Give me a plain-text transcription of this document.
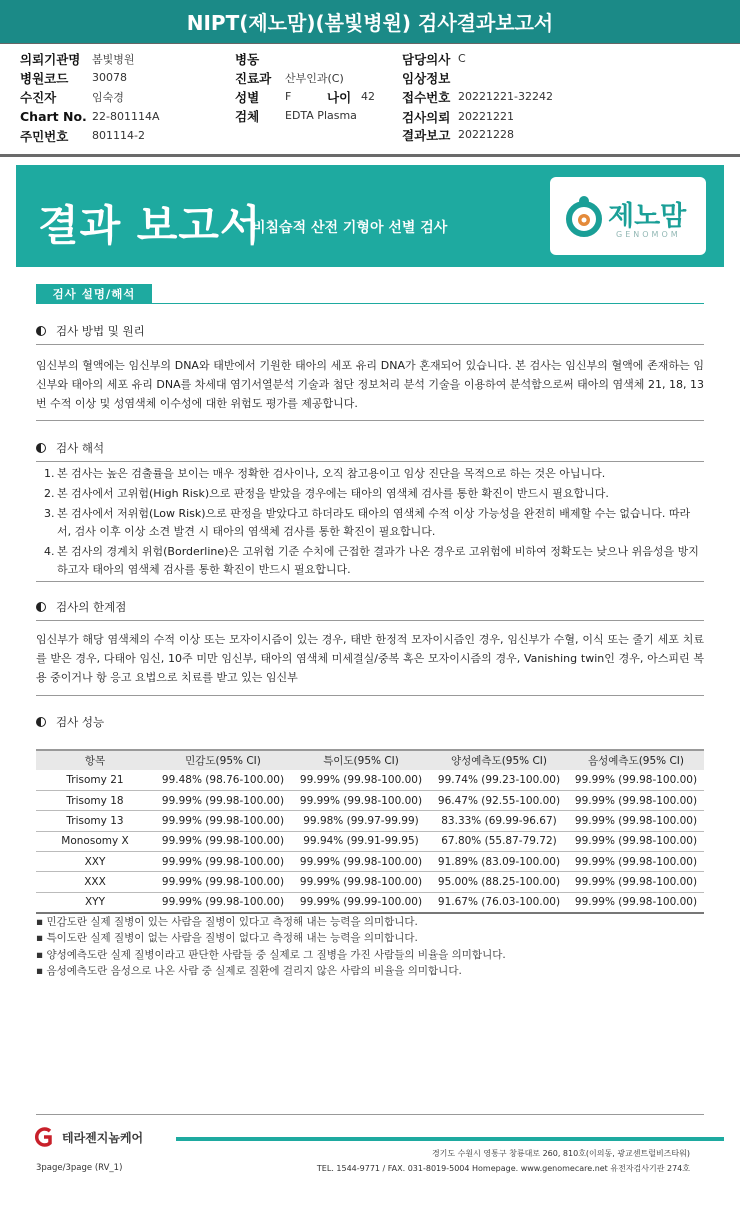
NIPT(제노맘)(봄빛병원) 검사결과보고서
의뢰기관명	봄빛병원
병원코드	30078
수진자	임숙경
Chart No. 22-801114A
주민번호	801114-2
병동
진료과	산부인과(C)
성별	F	나이 42
검체	EDTA Plasma
담당의사 C
임상정보
접수번호 20221221-32242
검사의뢰 20221221
결과보고 20221228
결과 보고서
비침습적 산전 기형아 선별 검사	제노맘
GENOMOM
검사 설명/해석
검사 방법 및 원리
임신부의 혈액에는 임신부의 DNA와 태반에서 기원한 태아의 세포 유리 DNA가 혼재되어 있습니다. 본 검사는 임신부의 혈액에 존재하는 임신부와 태아의 세포 유리 DNA를 차세대 염기서열분석 기술과 첨단 정보처리 분석 기술을 이용하여 분석함으로써 태아의 염색체 21, 18, 13번 수적 이상 및 성염색체 이수성에 대한 위험도 평가를 제공합니다.
검사 해석
1. 본 검사는 높은 검출률을 보이는 매우 정확한 검사이나, 오직 참고용이고 임상 진단을 목적으로 하는 것은 아닙니다.
2. 본 검사에서 고위험(High Risk)으로 판정을 받았을 경우에는 태아의 염색체 검사를 통한 확진이 반드시 필요합니다.
3. 본 검사에서 저위험(Low Risk)으로 판정을 받았다고 하더라도 태아의 염색체 수적 이상 가능성을 완전히 배제할 수는 없습니다. 따라서, 검사 이후 이상 소견 발견 시 태아의 염색체 검사를 통한 확진이 필요합니다.
4. 본 검사의 경계치 위험(Borderline)은 고위험 기준 수치에 근접한 결과가 나온 경우로 고위험에 비하여 정확도는 낮으나 위음성을 방지하고자 태아의 염색체 검사를 통한 확진이 반드시 필요합니다.
검사의 한계점
임신부가 해당 염색체의 수적 이상 또는 모자이시즘이 있는 경우, 태반 한정적 모자이시즘인 경우, 임신부가 수혈, 이식 또는 줄기 세포 치료를 받은 경우, 다태아 임신, 10주 미만 임신부, 태아의 염색체 미세결실/중복 혹은 모자이시즘의 경우, Vanishing twin인 경우, 아스피린 복용 중이거나 항 응고 요법으로 치료를 받고 있는 임신부
검사 성능
항목	민감도(95% CI)	특이도(95% CI)	양성예측도(95% CI)	음성예측도(95% CI)
Trisomy 21	99.48% (98.76-100.00)	99.99% (99.98-100.00)	99.74% (99.23-100.00)	99.99% (99.98-100.00)
Trisomy 18	99.99% (99.98-100.00)	99.99% (99.98-100.00)	96.47% (92.55-100.00)	99.99% (99.98-100.00)
Trisomy 13	99.99% (99.98-100.00)	99.98% (99.97-99.99)	83.33% (69.99-96.67)	99.99% (99.98-100.00)
Monosomy X	99.99% (99.98-100.00)	99.94% (99.91-99.95)	67.80% (55.87-79.72)	99.99% (99.98-100.00)
XXY	99.99% (99.98-100.00)	99.99% (99.98-100.00)	91.89% (83.09-100.00)	99.99% (99.98-100.00)
XXX	99.99% (99.98-100.00)	99.99% (99.98-100.00)	95.00% (88.25-100.00)	99.99% (99.98-100.00)
XYY	99.99% (99.98-100.00)	99.99% (99.99-100.00)	91.67% (76.03-100.00)	99.99% (99.98-100.00)
▪ 민감도란 실제 질병이 있는 사람을 질병이 있다고 측정해 내는 능력을 의미합니다.
▪ 특이도란 실제 질병이 없는 사람을 질병이 없다고 측정해 내는 능력을 의미합니다.
▪ 양성예측도란 실제 질병이라고 판단한 사람들 중 실제로 그 질병을 가진 사람들의 비율을 의미합니다.
▪ 음성예측도란 음성으로 나온 사람 중 실제로 질환에 걸리지 않은 사람의 비율을 의미합니다.
테라젠지놈케어
경기도 수원시 영통구 창룡대로 260, 810호(이의동, 광교센트럴비즈타워)
3page/3page (RV_1)	TEL. 1544-9771 / FAX. 031-8019-5004 Homepage. www.genomecare.net 유전자검사기관 274호
